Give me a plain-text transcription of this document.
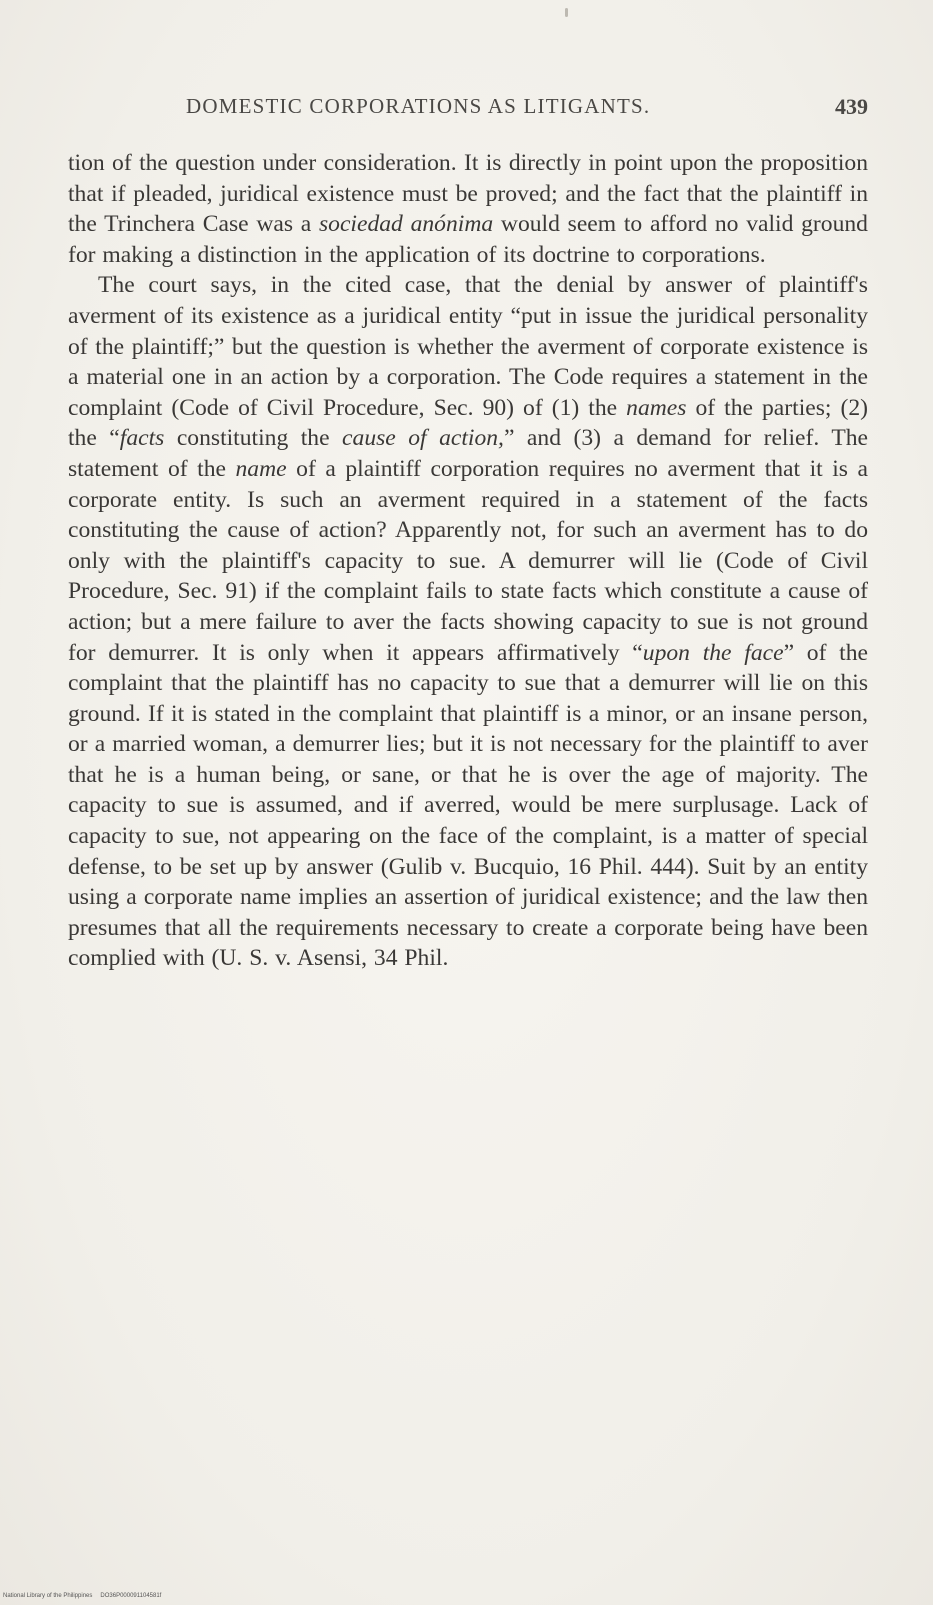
DOMESTIC CORPORATIONS AS LITIGANTS.	439

tion of the question under consideration. It is directly in point upon the proposition that if pleaded, juridical existence must be proved; and the fact that the plaintiff in the Trinchera Case was a sociedad anónima would seem to afford no valid ground for making a distinction in the application of its doctrine to corporations.

The court says, in the cited case, that the denial by answer of plaintiff's averment of its existence as a juridical entity “put in issue the juridical personality of the plaintiff;” but the question is whether the averment of corporate existence is a material one in an action by a corporation. The Code requires a statement in the complaint (Code of Civil Procedure, Sec. 90) of (1) the names of the parties; (2) the “facts constituting the cause of action,” and (3) a demand for relief. The statement of the name of a plaintiff corporation requires no averment that it is a corporate entity. Is such an averment required in a statement of the facts constituting the cause of action? Apparently not, for such an averment has to do only with the plaintiff's capacity to sue. A demurrer will lie (Code of Civil Procedure, Sec. 91) if the complaint fails to state facts which constitute a cause of action; but a mere failure to aver the facts showing capacity to sue is not ground for demurrer. It is only when it appears affirmatively “upon the face” of the complaint that the plaintiff has no capacity to sue that a demurrer will lie on this ground. If it is stated in the complaint that plaintiff is a minor, or an insane person, or a married woman, a demurrer lies; but it is not necessary for the plaintiff to aver that he is a human being, or sane, or that he is over the age of majority. The capacity to sue is assumed, and if averred, would be mere surplusage. Lack of capacity to sue, not appearing on the face of the complaint, is a matter of special defense, to be set up by answer (Gulib v. Bucquio, 16 Phil. 444). Suit by an entity using a corporate name implies an assertion of juridical existence; and the law then presumes that all the requirements necessary to create a corporate being have been complied with (U. S. v. Asensi, 34 Phil.

National Library of the Philippines DO36P000091104581f
